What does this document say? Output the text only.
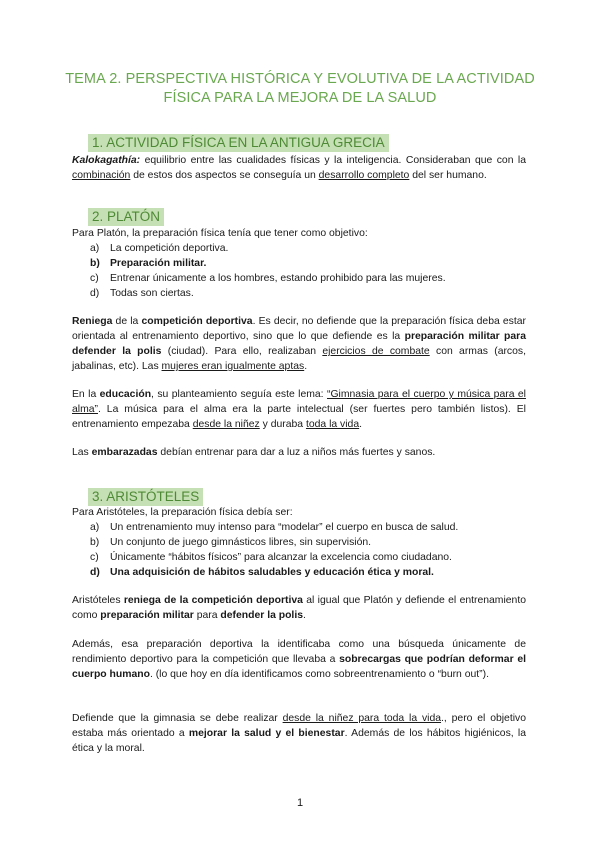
TEMA 2. PERSPECTIVA HISTÓRICA Y EVOLUTIVA DE LA ACTIVIDAD
FÍSICA PARA LA MEJORA DE LA SALUD
1. ACTIVIDAD FÍSICA EN LA ANTIGUA GRECIA
Kalokagathía: equilibrio entre las cualidades físicas y la inteligencia. Consideraban que con la combinación de estos dos aspectos se conseguía un desarrollo completo del ser humano.
2. PLATÓN
Para Platón, la preparación física tenía que tener como objetivo:
a) La competición deportiva.
b) Preparación militar.
c) Entrenar únicamente a los hombres, estando prohibido para las mujeres.
d) Todas son ciertas.
Reniega de la competición deportiva. Es decir, no defiende que la preparación física deba estar orientada al entrenamiento deportivo, sino que lo que defiende es la preparación militar para defender la polis (ciudad). Para ello, realizaban ejercicios de combate con armas (arcos, jabalinas, etc). Las mujeres eran igualmente aptas.
En la educación, su planteamiento seguía este lema: “Gimnasia para el cuerpo y música para el alma”. La música para el alma era la parte intelectual (ser fuertes pero también listos). El entrenamiento empezaba desde la niñez y duraba toda la vida.
Las embarazadas debían entrenar para dar a luz a niños más fuertes y sanos.
3. ARISTÓTELES
Para Aristóteles, la preparación física debía ser:
a) Un entrenamiento muy intenso para “modelar” el cuerpo en busca de salud.
b) Un conjunto de juego gimnásticos libres, sin supervisión.
c) Únicamente “hábitos físicos” para alcanzar la excelencia como ciudadano.
d) Una adquisición de hábitos saludables y educación ética y moral.
Aristóteles reniega de la competición deportiva al igual que Platón y defiende el entrenamiento como preparación militar para defender la polis.
Además, esa preparación deportiva la identificaba como una búsqueda únicamente de rendimiento deportivo para la competición que llevaba a sobrecargas que podrían deformar el cuerpo humano. (lo que hoy en día identificamos como sobreentrenamiento o “burn out”).
Defiende que la gimnasia se debe realizar desde la niñez para toda la vida., pero el objetivo estaba más orientado a mejorar la salud y el bienestar. Además de los hábitos higiénicos, la ética y la moral.
1
